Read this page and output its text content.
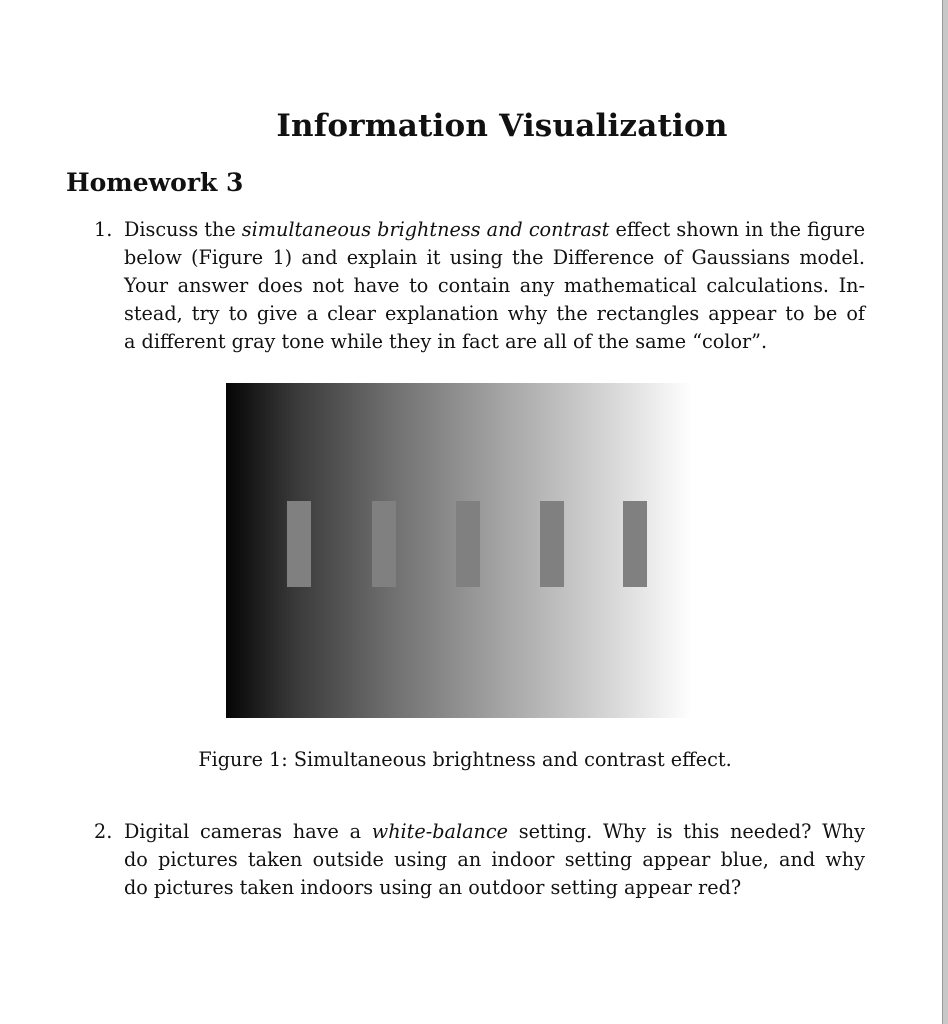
Information Visualization
Homework 3
1. Discuss the simultaneous brightness and contrast effect shown in the figure
below (Figure 1) and explain it using the Difference of Gaussians model.
Your answer does not have to contain any mathematical calculations. In-
stead, try to give a clear explanation why the rectangles appear to be of
a different gray tone while they in fact are all of the same “color”.

Figure 1: Simultaneous brightness and contrast effect.
2. Digital cameras have a white-balance setting. Why is this needed? Why
do pictures taken outside using an indoor setting appear blue, and why
do pictures taken indoors using an outdoor setting appear red?
